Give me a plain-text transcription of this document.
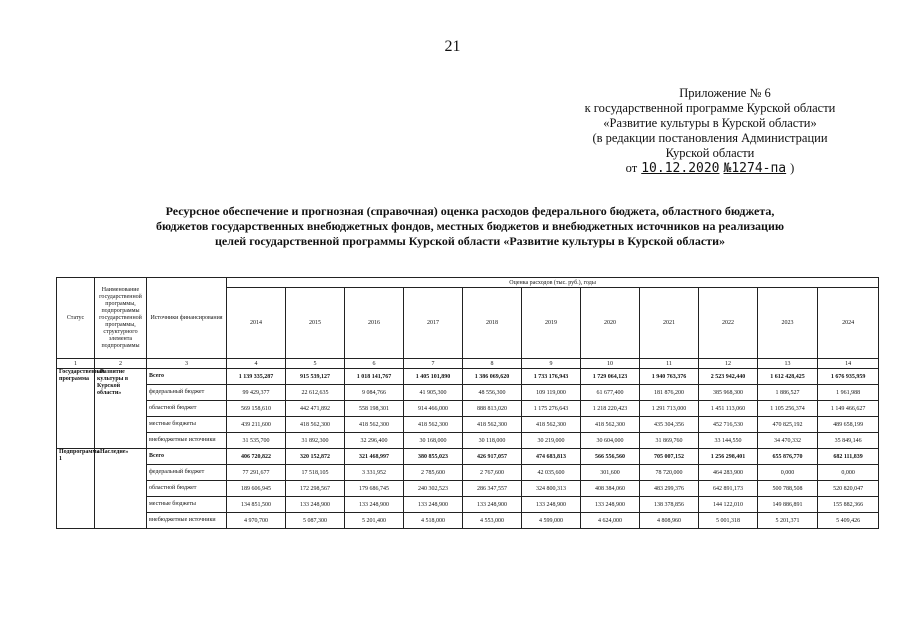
21
Приложение № 6
к государственной программе Курской области
«Развитие культуры в Курской области»
(в редакции постановления Администрации
Курской области
от 10.12.2020 №1274-па )
Ресурсное обеспечение и прогнозная (справочная) оценка расходов федерального бюджета, областного бюджета,
бюджетов государственных внебюджетных фондов, местных бюджетов и внебюджетных источников на реализацию
целей государственной программы Курской области «Развитие культуры в Курской области»
Статус	Наименование государственной программы, подпрограммы государственной программы, структурного элемента подпрограммы	Источники финансирования	Оценка расходов (тыс. руб.), годы										
			2014	2015	2016	2017	2018	2019	2020	2021	2022	2023	2024
1	2	3	4	5	6	7	8	9	10	11	12	13	14
Государственная программа	«Развитие культуры в Курской области»	Всего	1 139 335,287	915 539,127	1 018 141,767	1 405 101,890	1 386 069,620	1 733 176,943	1 729 064,123	1 940 763,376	2 523 942,440	1 612 428,425	1 676 935,959
		федеральный бюджет	99 429,377	22 612,635	9 084,766	41 905,300	48 556,300	109 119,000	61 677,400	181 876,200	385 968,300	1 886,527	1 961,988
		областной бюджет	569 158,610	442 471,892	558 198,301	914 466,000	888 813,020	1 175 276,643	1 218 220,423	1 291 713,000	1 451 113,060	1 105 256,374	1 149 466,627
		местные бюджеты	439 211,600	418 562,300	418 562,300	418 562,300	418 562,300	418 562,300	418 562,300	435 304,356	452 716,530	470 825,192	489 658,199
		внебюджетные источники	31 535,700	31 892,300	32 296,400	30 168,000	30 118,000	30 219,000	30 604,000	31 869,760	33 144,550	34 470,332	35 849,146
Подпрограмма 1	«Наследие»	Всего	406 720,822	320 152,872	321 468,997	380 855,023	426 917,057	474 683,813	566 556,560	705 007,152	1 256 298,401	655 876,770	682 111,839
		федеральный бюджет	77 291,677	17 518,105	3 331,952	2 785,600	2 767,600	42 035,600	301,600	78 720,000	464 283,900	0,000	0,000
		областной бюджет	189 606,945	172 298,567	179 686,745	240 302,523	286 347,557	324 800,313	408 384,060	483 299,376	642 891,173	500 788,508	520 820,047
		местные бюджеты	134 851,500	133 248,900	133 248,900	133 248,900	133 248,900	133 248,900	133 248,900	138 378,856	144 122,010	149 886,891	155 882,366
		внебюджетные источники	4 970,700	5 087,300	5 201,400	4 518,000	4 553,000	4 599,000	4 624,000	4 808,960	5 001,318	5 201,371	5 409,426
